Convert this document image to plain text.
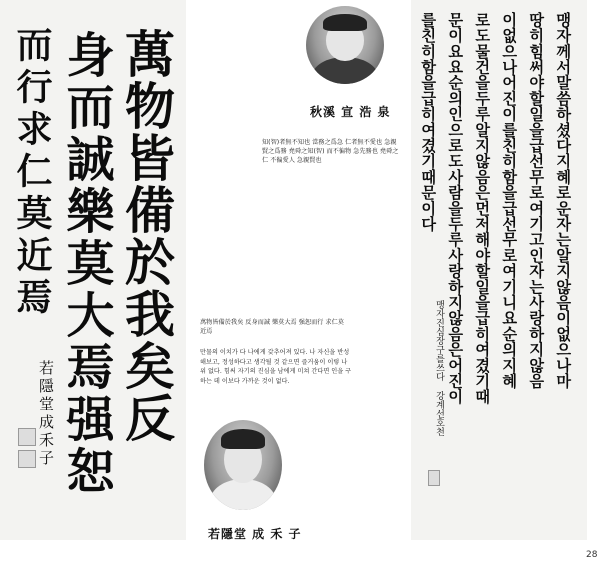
萬物皆備於我矣反
身而誠樂莫大焉强恕
而行求仁莫近焉
若隱堂成禾子
秋溪 宣 浩 泉
知(智)者無不知也 當務之爲急 仁者無不愛也 急親賢之爲務 堯舜之知(智) 而不徧物 急先務也 堯舜之仁 不徧愛人 急親賢也
萬物皆備於我矣 反身而誠 樂莫大焉 强恕而行 求仁莫近焉
만물의 이치가 다 나에게 갖추어져 있다. 나 자신을 반성해보고, 정성하다고 생각될 것 같으면 즐거움이 이렇 나위 없다. 힘써 자기의 진심을 남에게 미쳐 간다면 인을 구하는 데 이보다 가까운 것이 없다.
若隱堂 成 禾 子
맹자께서말씀하셨다지혜로운자는알지않음이없으나마
땅히힘써야할일을급선무로여기고인자는사랑하지않음
이없으나어진이를친히함을급선무로여기니요순의지혜
로도물건을두루알지않음은먼저해야할일을급히여겼기때
문이요요순의인으로도사람을두루사랑하지않음은어진이
를친히함을급히여겼기때문이다
맹자진심장구를쓰다 강계선호천
28
